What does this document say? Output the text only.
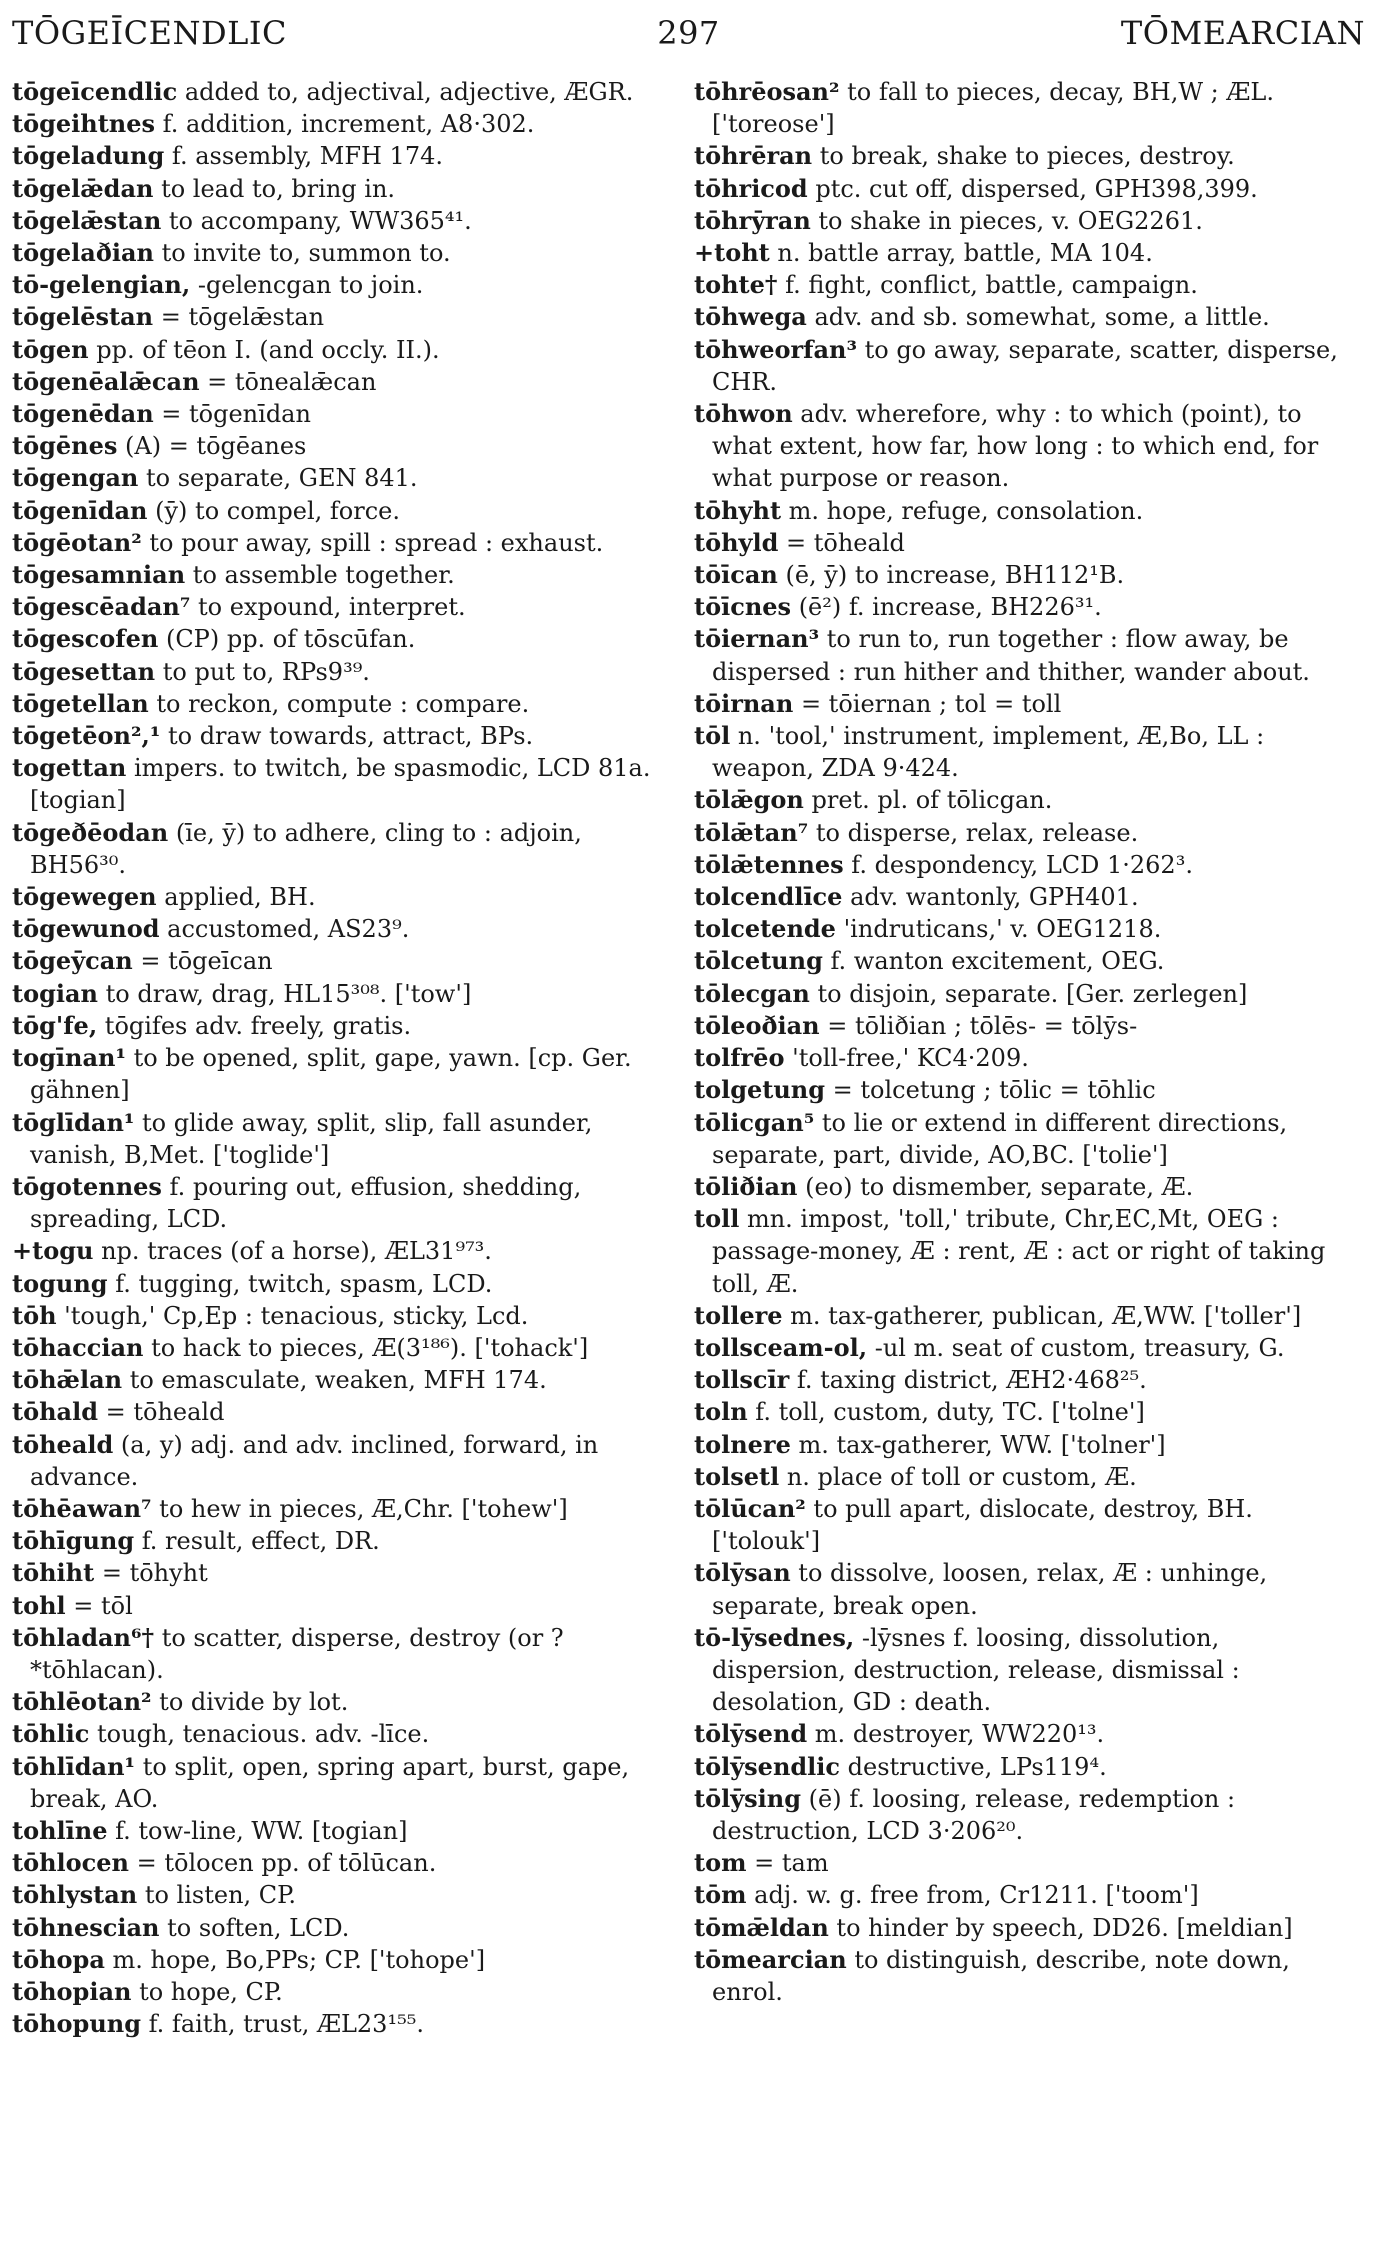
TŌGEĪCENDLIC	297	TŌMEARCIAN

tōgeīcendlic added to, adjectival, adjective, ÆGR.

tōgeihtnes f. addition, increment, A8·302.

tōgeladung f. assembly, MFH 174.

tōgelǣdan to lead to, bring in.

tōgelǣstan to accompany, WW365⁴¹.

tōgelaðian to invite to, summon to.

tō-gelengian, -gelencgan to join.

tōgelēstan = tōgelǣstan

tōgen pp. of tēon I. (and occly. II.).

tōgenēalǣcan = tōnealǣcan

tōgenēdan = tōgenīdan

tōgēnes (A) = tōgēanes

tōgengan to separate, GEN 841.

tōgenīdan (ȳ) to compel, force.

tōgēotan² to pour away, spill : spread : exhaust.

tōgesamnian to assemble together.

tōgescēadan⁷ to expound, interpret.

tōgescofen (CP) pp. of tōscūfan.

tōgesettan to put to, RPs9³⁹.

tōgetellan to reckon, compute : compare.

tōgetēon²,¹ to draw towards, attract, BPs.

togettan impers. to twitch, be spasmodic, LCD 81a. [togian]

tōgeðēodan (īe, ȳ) to adhere, cling to : adjoin, BH56³⁰.

tōgewegen applied, BH.

tōgewunod accustomed, AS23⁹.

tōgeȳcan = tōgeīcan

togian to draw, drag, HL15³⁰⁸. ['tow']

tōg'fe, tōgifes adv. freely, gratis.

togīnan¹ to be opened, split, gape, yawn. [cp. Ger. gähnen]

tōglīdan¹ to glide away, split, slip, fall asunder, vanish, B,Met. ['toglide']

tōgotennes f. pouring out, effusion, shedding, spreading, LCD.

+togu np. traces (of a horse), ÆL31⁹⁷³.

togung f. tugging, twitch, spasm, LCD.

tōh 'tough,' Cp,Ep : tenacious, sticky, Lcd.

tōhaccian to hack to pieces, Æ(3¹⁸⁶). ['tohack']

tōhǣlan to emasculate, weaken, MFH 174.

tōhald = tōheald

tōheald (a, y) adj. and adv. inclined, forward, in advance.

tōhēawan⁷ to hew in pieces, Æ,Chr. ['tohew']

tōhīgung f. result, effect, DR.

tōhiht = tōhyht

tohl = tōl

tōhladan⁶† to scatter, disperse, destroy (or ? *tōhlacan).

tōhlēotan² to divide by lot.

tōhlic tough, tenacious. adv. -līce.

tōhlīdan¹ to split, open, spring apart, burst, gape, break, AO.

tohlīne f. tow-line, WW. [togian]

tōhlocen = tōlocen pp. of tōlūcan.

tōhlystan to listen, CP.

tōhnescian to soften, LCD.

tōhopa m. hope, Bo,PPs; CP. ['tohope']

tōhopian to hope, CP.

tōhopung f. faith, trust, ÆL23¹⁵⁵.

tōhrēosan² to fall to pieces, decay, BH,W ; ÆL. ['toreose']

tōhrēran to break, shake to pieces, destroy.

tōhricod ptc. cut off, dispersed, GPH398,399.

tōhrȳran to shake in pieces, v. OEG2261.

+toht n. battle array, battle, MA 104.

tohte† f. fight, conflict, battle, campaign.

tōhwega adv. and sb. somewhat, some, a little.

tōhweorfan³ to go away, separate, scatter, disperse, CHR.

tōhwon adv. wherefore, why : to which (point), to what extent, how far, how long : to which end, for what purpose or reason.

tōhyht m. hope, refuge, consolation.

tōhyld = tōheald

tōīcan (ē, ȳ) to increase, BH112¹B.

tōīcnes (ē²) f. increase, BH226³¹.

tōiernan³ to run to, run together : flow away, be dispersed : run hither and thither, wander about.

tōirnan = tōiernan ; tol = toll

tōl n. 'tool,' instrument, implement, Æ,Bo, LL : weapon, ZDA 9·424.

tōlǣgon pret. pl. of tōlicgan.

tōlǣtan⁷ to disperse, relax, release.

tōlǣtennes f. despondency, LCD 1·262³.

tolcendlīce adv. wantonly, GPH401.

tolcetende 'indruticans,' v. OEG1218.

tōlcetung f. wanton excitement, OEG.

tōlecgan to disjoin, separate. [Ger. zerlegen]

tōleoðian = tōliðian ; tōlēs- = tōlȳs-

tolfrēo 'toll-free,' KC4·209.

tolgetung = tolcetung ; tōlic = tōhlic

tōlicgan⁵ to lie or extend in different directions, separate, part, divide, AO,BC. ['tolie']

tōliðian (eo) to dismember, separate, Æ.

toll mn. impost, 'toll,' tribute, Chr,EC,Mt, OEG : passage-money, Æ : rent, Æ : act or right of taking toll, Æ.

tollere m. tax-gatherer, publican, Æ,WW. ['toller']

tollsceam-ol, -ul m. seat of custom, treasury, G.

tollscīr f. taxing district, ÆH2·468²⁵.

toln f. toll, custom, duty, TC. ['tolne']

tolnere m. tax-gatherer, WW. ['tolner']

tolsetl n. place of toll or custom, Æ.

tōlūcan² to pull apart, dislocate, destroy, BH. ['tolouk']

tōlȳsan to dissolve, loosen, relax, Æ : unhinge, separate, break open.

tō-lȳsednes, -lȳsnes f. loosing, dissolution, dispersion, destruction, release, dismissal : desolation, GD : death.

tōlȳsend m. destroyer, WW220¹³.

tōlȳsendlic destructive, LPs119⁴.

tōlȳsing (ē) f. loosing, release, redemption : destruction, LCD 3·206²⁰.

tom = tam

tōm adj. w. g. free from, Cr1211. ['toom']

tōmǣldan to hinder by speech, DD26. [meldian]

tōmearcian to distinguish, describe, note down, enrol.
